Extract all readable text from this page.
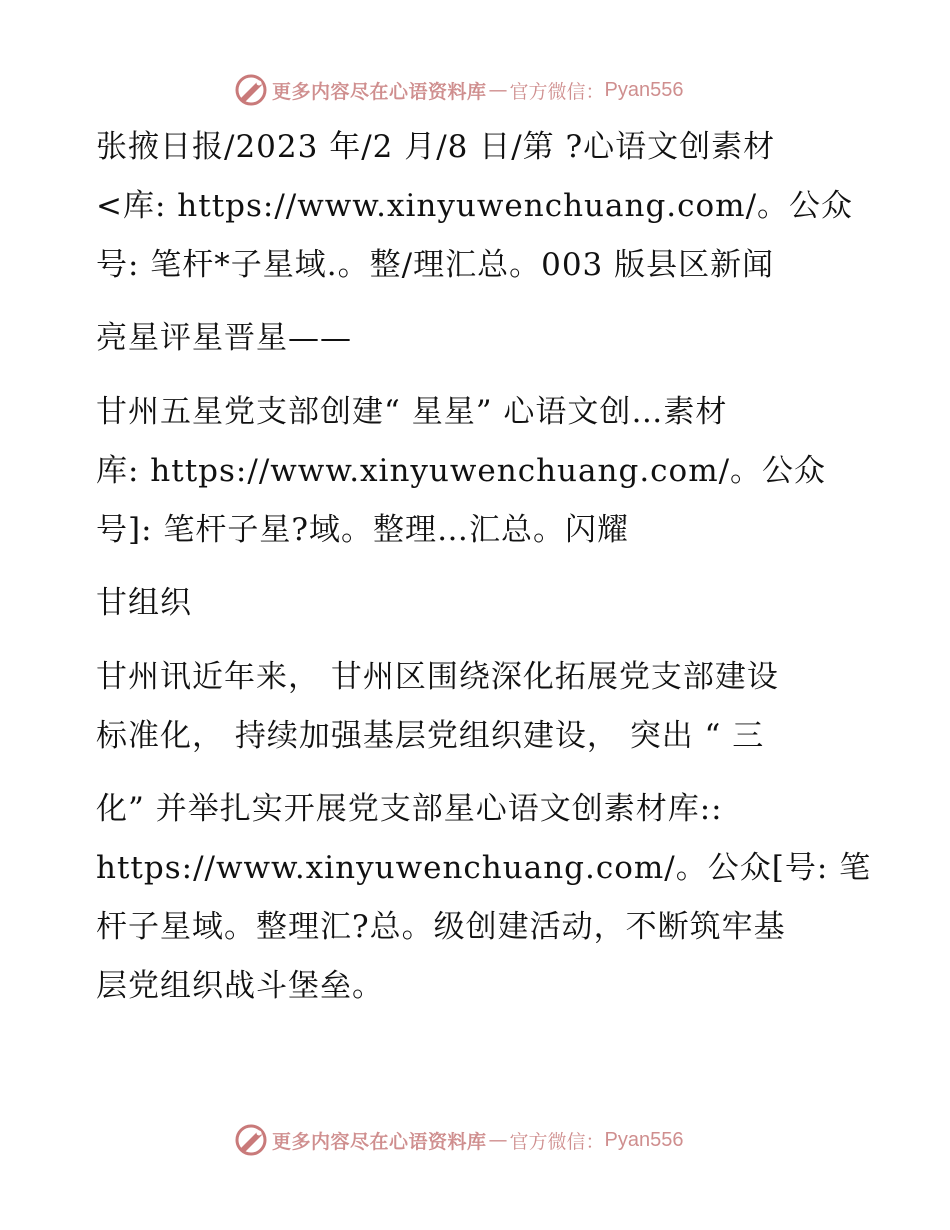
更多内容尽在心语资料库 — 官方微信： Pyan556
张掖日报/2023 年/2 月/8 日/第 ?心语文创素材
<库: https://www.xinyuwenchuang.com/。公众
号: 笔杆*子星域.。整/理汇总。003 版县区新闻
亮星评星晋星——
甘州五星党支部创建“ 星星” 心语文创…素材
库: https://www.xinyuwenchuang.com/。公众
号]: 笔杆子星?域。整理…汇总。闪耀
甘组织
甘州讯近年来， 甘州区围绕深化拓展党支部建设
标准化， 持续加强基层党组织建设， 突出 “ 三
化” 并举扎实开展党支部星心语文创素材库::
https://www.xinyuwenchuang.com/。公众[号: 笔
杆子星域。整理汇?总。级创建活动，不断筑牢基
层党组织战斗堡垒。
更多内容尽在心语资料库 — 官方微信： Pyan556
